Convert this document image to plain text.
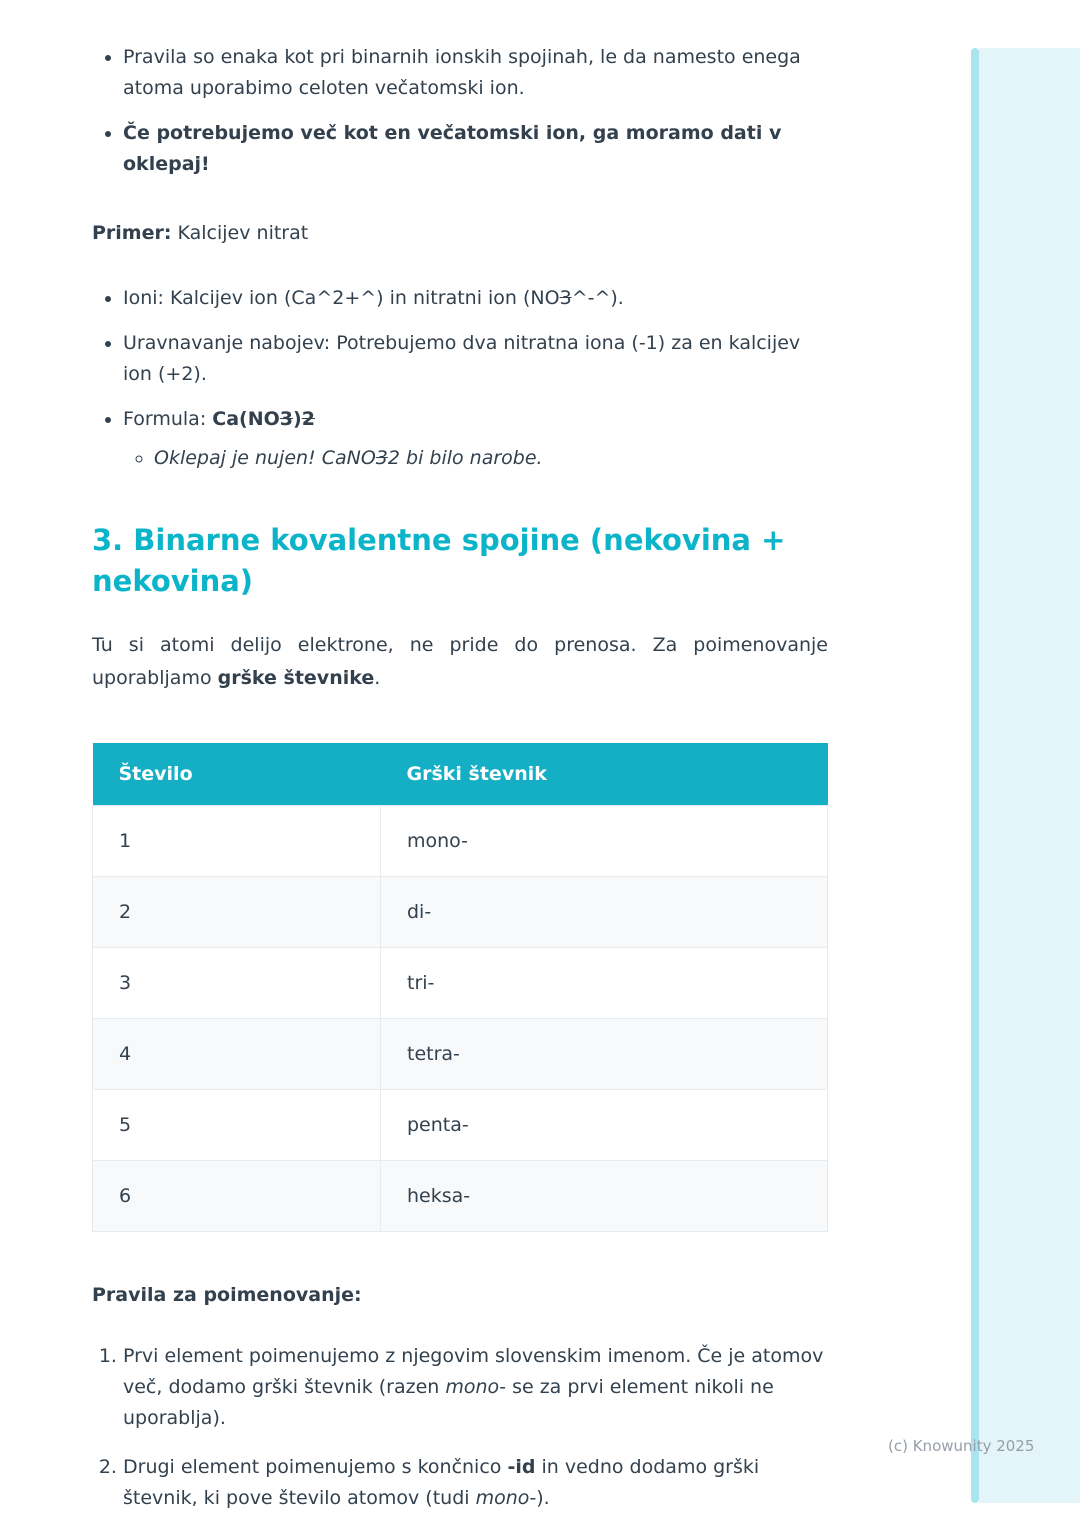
• Pravila so enaka kot pri binarnih ionskih spojinah, le da namesto enega atoma uporabimo celoten večatomski ion.
• Če potrebujemo več kot en večatomski ion, ga moramo dati v oklepaj!

Primer: Kalcijev nitrat

• Ioni: Kalcijev ion (Ca^2+^) in nitratni ion (NO3^-^).
• Uravnavanje nabojev: Potrebujemo dva nitratna iona (-1) za en kalcijev ion (+2).
• Formula: Ca(NO3)2
◦ Oklepaj je nujen! CaNO32 bi bilo narobe.
3. Binarne kovalentne spojine (nekovina + nekovina)

Tu si atomi delijo elektrone, ne pride do prenosa. Za poimenovanje uporabljamo grške števnike.

Število	Grški števnik
1	mono-
2	di-
3	tri-
4	tetra-
5	penta-
6	heksa-

Pravila za poimenovanje:

1. Prvi element poimenujemo z njegovim slovenskim imenom. Če je atomov več, dodamo grški števnik (razen mono- se za prvi element nikoli ne uporablja).
2. Drugi element poimenujemo s končnico -id in vedno dodamo grški števnik, ki pove število atomov (tudi mono-).
(c) Knowunity 2025
